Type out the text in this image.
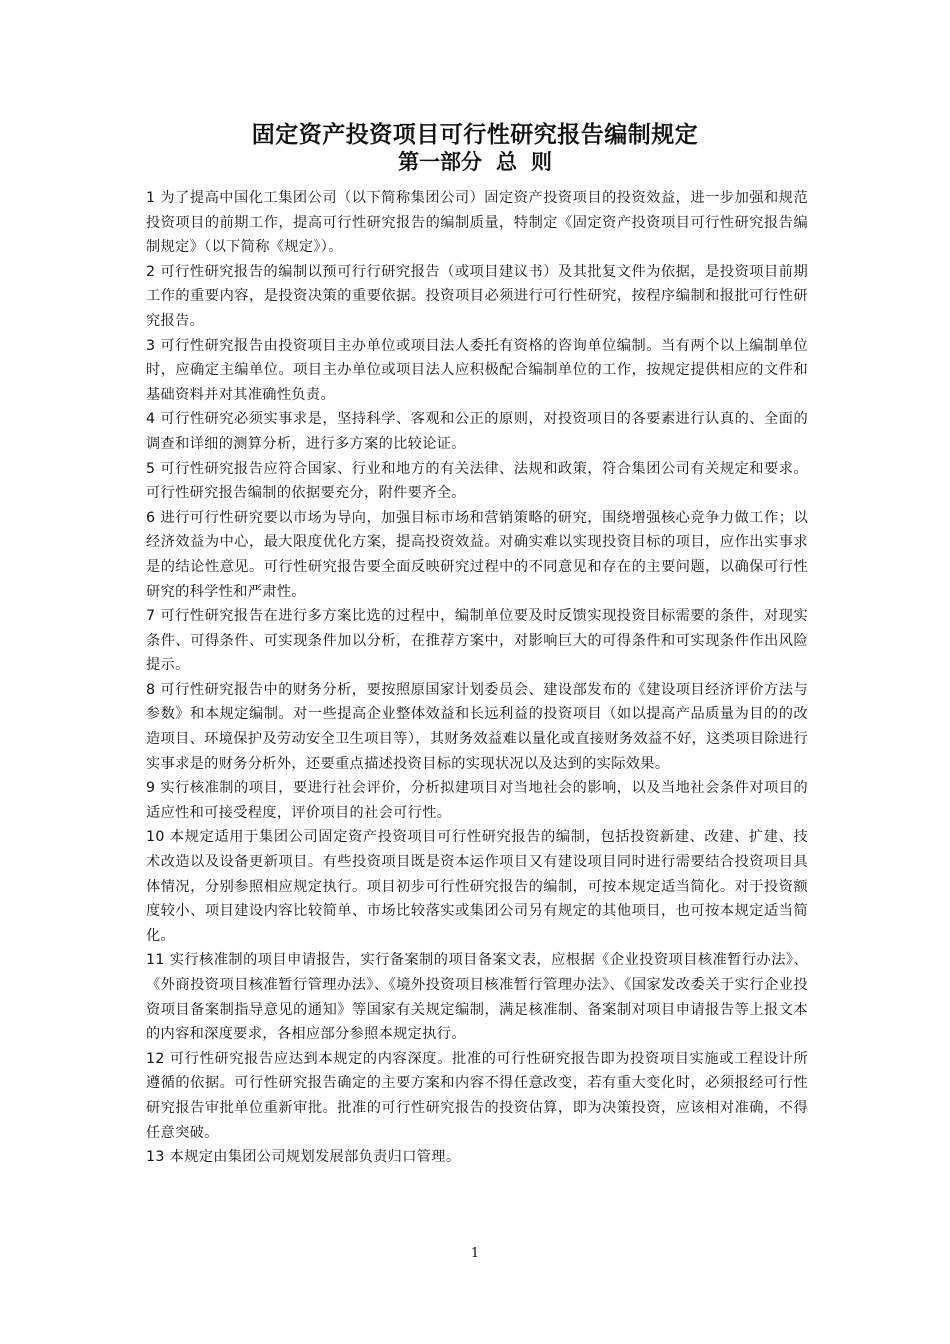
固定资产投资项目可行性研究报告编制规定
第一部分 总 则

1 为了提高中国化工集团公司（以下简称集团公司）固定资产投资项目的投资效益，进一步加强和规范投资项目的前期工作，提高可行性研究报告的编制质量，特制定《固定资产投资项目可行性研究报告编制规定》（以下简称《规定》）。

2 可行性研究报告的编制以预可行行研究报告（或项目建议书）及其批复文件为依据，是投资项目前期工作的重要内容，是投资决策的重要依据。投资项目必须进行可行性研究，按程序编制和报批可行性研究报告。

3 可行性研究报告由投资项目主办单位或项目法人委托有资格的咨询单位编制。当有两个以上编制单位时，应确定主编单位。项目主办单位或项目法人应积极配合编制单位的工作，按规定提供相应的文件和基础资料并对其准确性负责。

4 可行性研究必须实事求是，坚持科学、客观和公正的原则，对投资项目的各要素进行认真的、全面的调查和详细的测算分析，进行多方案的比较论证。

5 可行性研究报告应符合国家、行业和地方的有关法律、法规和政策，符合集团公司有关规定和要求。可行性研究报告编制的依据要充分，附件要齐全。

6 进行可行性研究要以市场为导向，加强目标市场和营销策略的研究，围绕增强核心竞争力做工作；以经济效益为中心，最大限度优化方案，提高投资效益。对确实难以实现投资目标的项目，应作出实事求是的结论性意见。可行性研究报告要全面反映研究过程中的不同意见和存在的主要问题，以确保可行性研究的科学性和严肃性。

7 可行性研究报告在进行多方案比选的过程中，编制单位要及时反馈实现投资目标需要的条件，对现实条件、可得条件、可实现条件加以分析，在推荐方案中，对影响巨大的可得条件和可实现条件作出风险提示。

8 可行性研究报告中的财务分析，要按照原国家计划委员会、建设部发布的《建设项目经济评价方法与参数》和本规定编制。对一些提高企业整体效益和长远利益的投资项目（如以提高产品质量为目的的改造项目、环境保护及劳动安全卫生项目等），其财务效益难以量化或直接财务效益不好，这类项目除进行实事求是的财务分析外，还要重点描述投资目标的实现状况以及达到的实际效果。

9 实行核准制的项目，要进行社会评价，分析拟建项目对当地社会的影响，以及当地社会条件对项目的适应性和可接受程度，评价项目的社会可行性。

10 本规定适用于集团公司固定资产投资项目可行性研究报告的编制，包括投资新建、改建、扩建、技术改造以及设备更新项目。有些投资项目既是资本运作项目又有建设项目同时进行需要结合投资项目具体情况，分别参照相应规定执行。项目初步可行性研究报告的编制，可按本规定适当简化。对于投资额度较小、项目建设内容比较简单、市场比较落实或集团公司另有规定的其他项目，也可按本规定适当简化。

11 实行核准制的项目申请报告，实行备案制的项目备案文表，应根据《企业投资项目核准暂行办法》、《外商投资项目核准暂行管理办法》、《境外投资项目核准暂行管理办法》、《国家发改委关于实行企业投资项目备案制指导意见的通知》等国家有关规定编制，满足核准制、备案制对项目申请报告等上报文本的内容和深度要求，各相应部分参照本规定执行。

12 可行性研究报告应达到本规定的内容深度。批准的可行性研究报告即为投资项目实施或工程设计所遵循的依据。可行性研究报告确定的主要方案和内容不得任意改变，若有重大变化时，必须报经可行性研究报告审批单位重新审批。批准的可行性研究报告的投资估算，即为决策投资，应该相对准确，不得任意突破。

13 本规定由集团公司规划发展部负责归口管理。

1
